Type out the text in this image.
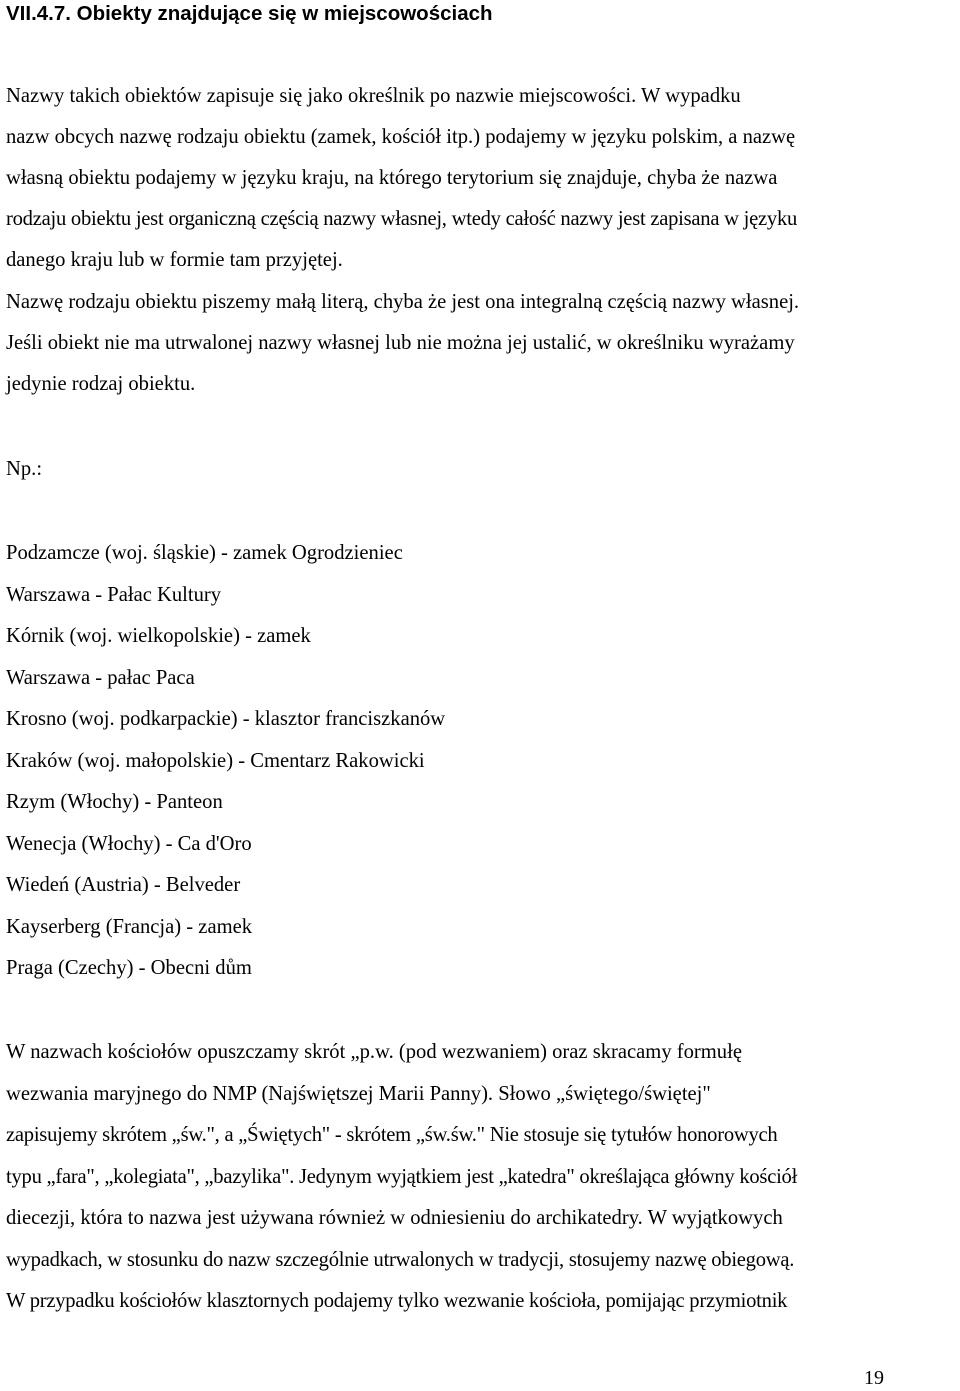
VII.4.7. Obiekty znajdujące się w miejscowościach
Nazwy takich obiektów zapisuje się jako określnik po nazwie miejscowości. W wypadku
nazw obcych nazwę rodzaju obiektu (zamek, kościół itp.) podajemy w języku polskim, a nazwę
własną obiektu podajemy w języku kraju, na którego terytorium się znajduje, chyba że nazwa
rodzaju obiektu jest organiczną częścią nazwy własnej, wtedy całość nazwy jest zapisana w języku
danego kraju lub w formie tam przyjętej.
Nazwę rodzaju obiektu piszemy małą literą, chyba że jest ona integralną częścią nazwy własnej.
Jeśli obiekt nie ma utrwalonej nazwy własnej lub nie można jej ustalić, w określniku wyrażamy
jedynie rodzaj obiektu.
Np.:
Podzamcze (woj. śląskie) - zamek Ogrodzieniec
Warszawa - Pałac Kultury
Kórnik (woj. wielkopolskie) - zamek
Warszawa - pałac Paca
Krosno (woj. podkarpackie) - klasztor franciszkanów
Kraków (woj. małopolskie) - Cmentarz Rakowicki
Rzym (Włochy) - Panteon
Wenecja (Włochy) - Ca d'Oro
Wiedeń (Austria) - Belveder
Kayserberg (Francja) - zamek
Praga (Czechy) - Obecni dům
W nazwach kościołów opuszczamy skrót „p.w. (pod wezwaniem) oraz skracamy formułę
wezwania maryjnego do NMP (Najświętszej Marii Panny). Słowo „świętego/świętej"
zapisujemy skrótem „św.", a „Świętych" - skrótem „św.św." Nie stosuje się tytułów honorowych
typu „fara", „kolegiata", „bazylika". Jedynym wyjątkiem jest „katedra" określająca główny kościół
diecezji, która to nazwa jest używana również w odniesieniu do archikatedry. W wyjątkowych
wypadkach, w stosunku do nazw szczególnie utrwalonych w tradycji, stosujemy nazwę obiegową.
W przypadku kościołów klasztornych podajemy tylko wezwanie kościoła, pomijając przymiotnik
19
